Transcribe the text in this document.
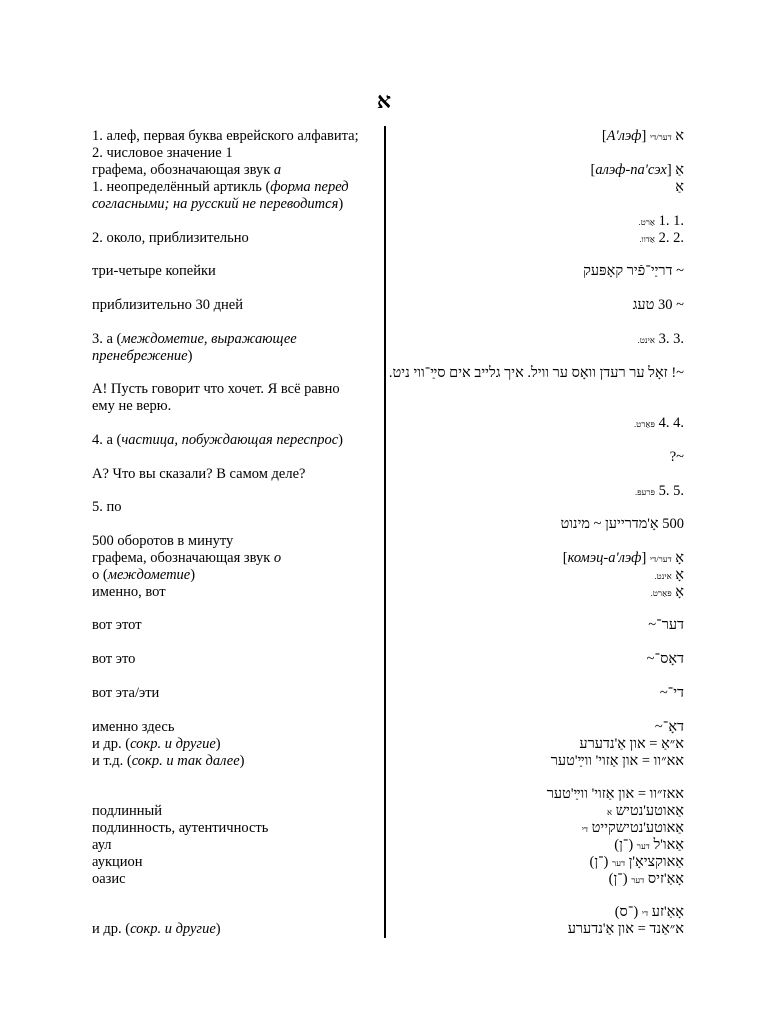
א
1. алеф, первая буква еврейского алфавита;
2. числовое значение 1
графема, обозначающая звук a
1. неопределённый артикль (форма перед
согласными; на русский не переводится)
2. около, приблизительно
три-четыре копейки
приблизительно 30 дней
3. а (междометие, выражающее
пренебрежение)
А! Пусть говорит что хочет. Я всё равно
ему не верю.
4. а (частица, побуждающая переспрос)
А? Что вы сказали? В самом деле?
5. по
500 оборотов в минуту
графема, обозначающая звук о
о (междометие)
именно, вот
вот этот
вот это
вот эта/эти
именно здесь
и др. (сокр. и другие)
и т.д. (сокр. и так далее)
подлинный
подлинность, аутентичность
аул
аукцион
оазис
и др. (сокр. и другие)
א דער/די [А'лэф]
אַ [алэф-па'сэх]
אַ
.1 .1 אַרט.
.2 .2 אַדוו.
~ דריַי־פֿיר קאָפּעק
~ 30 טעג
.3 .3 אינט.
~! זאָל ער רעדן וואָס ער וויל. איך גלייב אים סײַ־ווי ניט.
.4 .4 פּאַרט.
~?
.5 .5 פּרעפּ.
500 אָ'מדרייען ~ מינוט
אָ דער/די [комэц-а'лэф]
אָ אינט.
אָ פּאַרט.
דער־~
דאָס־~
די־~
דאָ־~
א״אַ = און אַ'נדערע
אא״וו = און אַזוי' ווײַ'טער
אאז״וו = און אַזוי' ווײַ'טער
אַאוטע'נטיש א
אַאוטע'נטישקייט די
אַאו'ל דער (־ן)
אַאוקציאָ'ן דער (־ן)
אָאַ'זיס דער (־ן)
אָאַ'זע די (־ס)
א״אַנד = און אַ'נדערע
